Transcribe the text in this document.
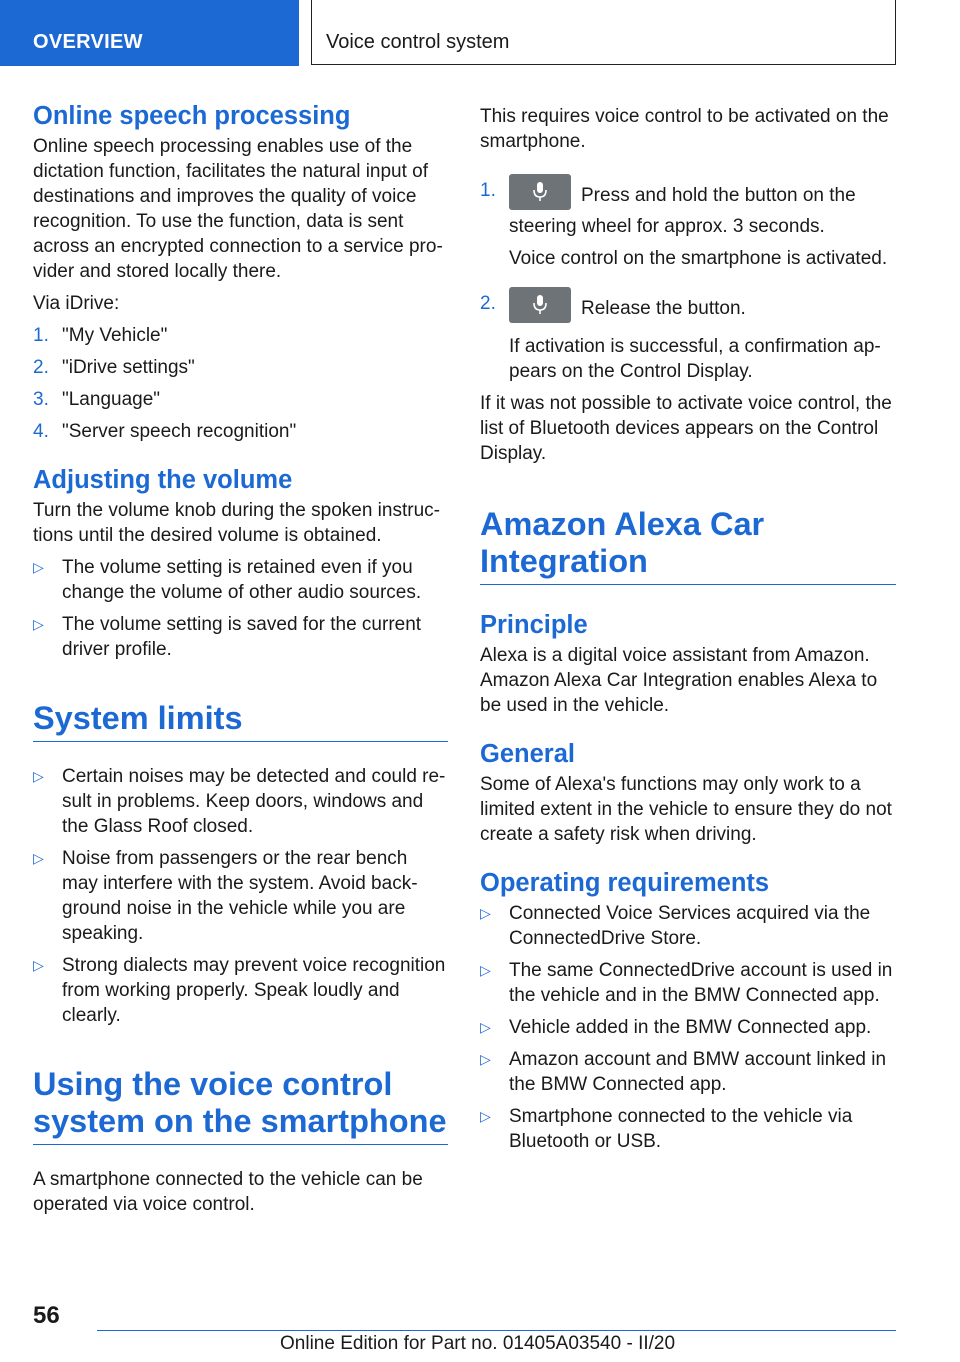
OVERVIEW	Voice control system
Online speech processing

Online speech processing enables use of the dictation function, facilitates the natural input of destinations and improves the quality of voice recognition. To use the function, data is sent across an encrypted connection to a service pro‐vider and stored locally there.

Via iDrive:

1. "My Vehicle"
2. "iDrive settings"
3. "Language"
4. "Server speech recognition"
Adjusting the volume

Turn the volume knob during the spoken instruc‐tions until the desired volume is obtained.

▷ The volume setting is retained even if you change the volume of other audio sources.
▷ The volume setting is saved for the current driver profile.
System limits
▷ Certain noises may be detected and could re‐sult in problems. Keep doors, windows and the Glass Roof closed.
▷ Noise from passengers or the rear bench may interfere with the system. Avoid back‐ground noise in the vehicle while you are speaking.
▷ Strong dialects may prevent voice recognition from working properly. Speak loudly and clearly.
Using the voice control system on the smartphone

A smartphone connected to the vehicle can be operated via voice control.

This requires voice control to be activated on the smartphone.

1.	Press and hold the button on the steering wheel for approx. 3 seconds.
Voice control on the smartphone is activated.
2.	Release the button.
If activation is successful, a confirmation ap‐pears on the Control Display.

If it was not possible to activate voice control, the list of Bluetooth devices appears on the Control Display.

Amazon Alexa Car Integration
Principle

Alexa is a digital voice assistant from Amazon. Amazon Alexa Car Integration enables Alexa to be used in the vehicle.

General

Some of Alexa's functions may only work to a limited extent in the vehicle to ensure they do not create a safety risk when driving.

Operating requirements
▷ Connected Voice Services acquired via the ConnectedDrive Store.
▷ The same ConnectedDrive account is used in the vehicle and in the BMW Connected app.
▷ Vehicle added in the BMW Connected app.
▷ Amazon account and BMW account linked in the BMW Connected app.
▷ Smartphone connected to the vehicle via Bluetooth or USB.
56
Online Edition for Part no. 01405A03540 - II/20
